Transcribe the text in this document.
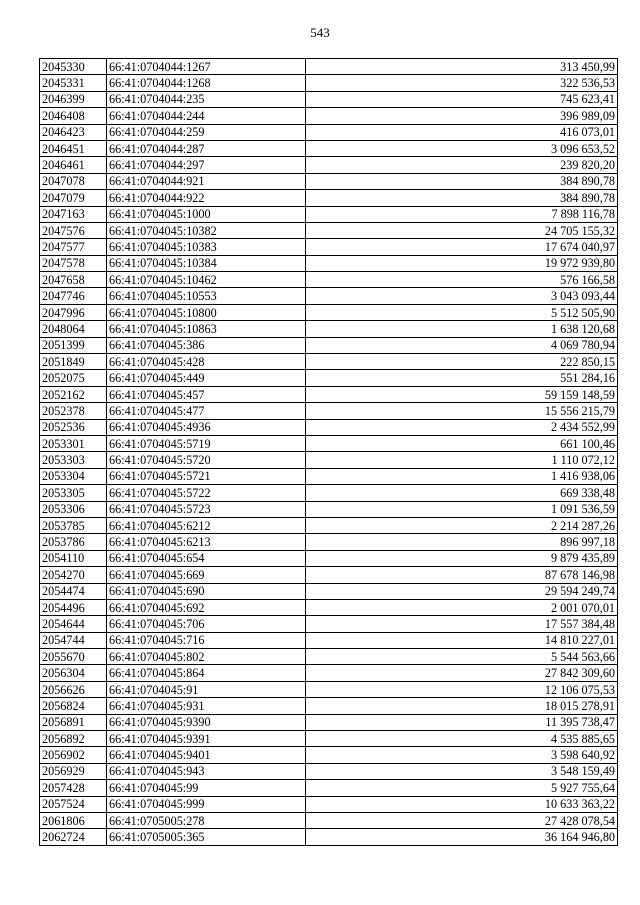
543
2045330	66:41:0704044:1267	313 450,99
2045331	66:41:0704044:1268	322 536,53
2046399	66:41:0704044:235	745 623,41
2046408	66:41:0704044:244	396 989,09
2046423	66:41:0704044:259	416 073,01
2046451	66:41:0704044:287	3 096 653,52
2046461	66:41:0704044:297	239 820,20
2047078	66:41:0704044:921	384 890,78
2047079	66:41:0704044:922	384 890,78
2047163	66:41:0704045:1000	7 898 116,78
2047576	66:41:0704045:10382	24 705 155,32
2047577	66:41:0704045:10383	17 674 040,97
2047578	66:41:0704045:10384	19 972 939,80
2047658	66:41:0704045:10462	576 166,58
2047746	66:41:0704045:10553	3 043 093,44
2047996	66:41:0704045:10800	5 512 505,90
2048064	66:41:0704045:10863	1 638 120,68
2051399	66:41:0704045:386	4 069 780,94
2051849	66:41:0704045:428	222 850,15
2052075	66:41:0704045:449	551 284,16
2052162	66:41:0704045:457	59 159 148,59
2052378	66:41:0704045:477	15 556 215,79
2052536	66:41:0704045:4936	2 434 552,99
2053301	66:41:0704045:5719	661 100,46
2053303	66:41:0704045:5720	1 110 072,12
2053304	66:41:0704045:5721	1 416 938,06
2053305	66:41:0704045:5722	669 338,48
2053306	66:41:0704045:5723	1 091 536,59
2053785	66:41:0704045:6212	2 214 287,26
2053786	66:41:0704045:6213	896 997,18
2054110	66:41:0704045:654	9 879 435,89
2054270	66:41:0704045:669	87 678 146,98
2054474	66:41:0704045:690	29 594 249,74
2054496	66:41:0704045:692	2 001 070,01
2054644	66:41:0704045:706	17 557 384,48
2054744	66:41:0704045:716	14 810 227,01
2055670	66:41:0704045:802	5 544 563,66
2056304	66:41:0704045:864	27 842 309,60
2056626	66:41:0704045:91	12 106 075,53
2056824	66:41:0704045:931	18 015 278,91
2056891	66:41:0704045:9390	11 395 738,47
2056892	66:41:0704045:9391	4 535 885,65
2056902	66:41:0704045:9401	3 598 640,92
2056929	66:41:0704045:943	3 548 159,49
2057428	66:41:0704045:99	5 927 755,64
2057524	66:41:0704045:999	10 633 363,22
2061806	66:41:0705005:278	27 428 078,54
2062724	66:41:0705005:365	36 164 946,80
